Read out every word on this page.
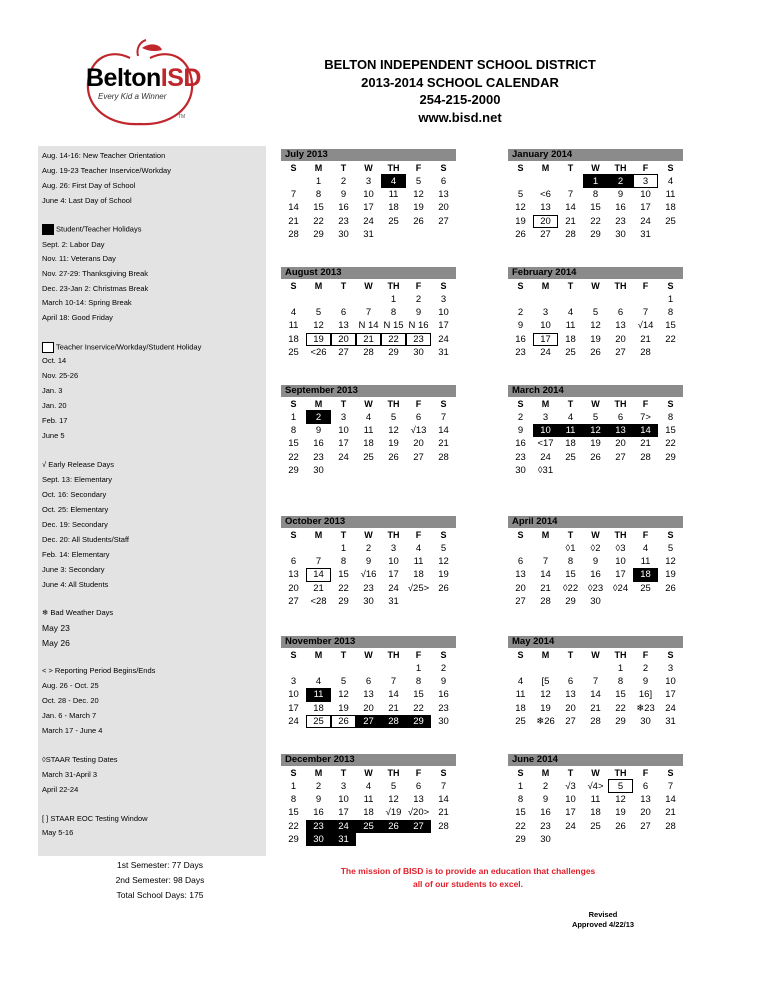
BeltonISD
Every Kid a Winner
TM
BELTON INDEPENDENT SCHOOL DISTRICT
2013-2014 SCHOOL CALENDAR
254-215-2000
www.bisd.net
Aug. 14-16: New Teacher Orientation
Aug. 19-23 Teacher Inservice/Workday
Aug. 26: First Day of School
June 4: Last Day of School
Student/Teacher Holidays
Sept. 2: Labor Day
Nov. 11: Veterans Day
Nov. 27-29: Thanksgiving Break
Dec. 23-Jan 2: Christmas Break
March 10-14: Spring Break
April 18: Good Friday
Teacher Inservice/Workday/Student Holiday
Oct. 14
Nov. 25-26
Jan. 3
Jan. 20
Feb. 17
June 5
√ Early Release Days
Sept. 13: Elementary
Oct. 16: Secondary
Oct. 25: Elementary
Dec. 19: Secondary
Dec. 20: All Students/Staff
Feb. 14: Elementary
June 3: Secondary
June 4: All Students
❄ Bad Weather Days
May 23
May 26
< > Reporting Period Begins/Ends
Aug. 26 - Oct. 25
Oct. 28 - Dec. 20
Jan. 6 - March 7
March 17 - June 4
◊STAAR Testing Dates
March 31-April 3
April 22-24
[ ] STAAR EOC Testing Window
May 5-16
1st Semester: 77 Days
2nd Semester: 98 Days
Total School Days: 175
The mission of BISD is to provide an education that challenges
all of our students to excel.
Revised
Approved 4/22/13
July 2013
S	M	T	W	TH	F	S
	1	2	3	4	5	6
7	8	9	10	11	12	13
14	15	16	17	18	19	20
21	22	23	24	25	26	27
28	29	30	31			
January 2014
S	M	T	W	TH	F	S
			1	2	3	4
5	<6	7	8	9	10	11
12	13	14	15	16	17	18
19	20	21	22	23	24	25
26	27	28	29	30	31	
August 2013
S	M	T	W	TH	F	S
				1	2	3
4	5	6	7	8	9	10
11	12	13	N 14	N 15	N 16	17
18	19	20	21	22	23	24
25	<26	27	28	29	30	31
February 2014
S	M	T	W	TH	F	S
						1
2	3	4	5	6	7	8
9	10	11	12	13	√14	15
16	17	18	19	20	21	22
23	24	25	26	27	28	
September 2013
S	M	T	W	TH	F	S
1	2	3	4	5	6	7
8	9	10	11	12	√13	14
15	16	17	18	19	20	21
22	23	24	25	26	27	28
29	30					
March 2014
S	M	T	W	TH	F	S
2	3	4	5	6	7>	8
9	10	11	12	13	14	15
16	<17	18	19	20	21	22
23	24	25	26	27	28	29
30	◊31					
October 2013
S	M	T	W	TH	F	S
		1	2	3	4	5
6	7	8	9	10	11	12
13	14	15	√16	17	18	19
20	21	22	23	24	√25>	26
27	<28	29	30	31		
April 2014
S	M	T	W	TH	F	S
		◊1	◊2	◊3	4	5
6	7	8	9	10	11	12
13	14	15	16	17	18	19
20	21	◊22	◊23	◊24	25	26
27	28	29	30			
November 2013
S	M	T	W	TH	F	S
					1	2
3	4	5	6	7	8	9
10	11	12	13	14	15	16
17	18	19	20	21	22	23
24	25	26	27	28	29	30
May 2014
S	M	T	W	TH	F	S
				1	2	3
4	[5	6	7	8	9	10
11	12	13	14	15	16]	17
18	19	20	21	22	❄23	24
25	❄26	27	28	29	30	31
December 2013
S	M	T	W	TH	F	S
1	2	3	4	5	6	7
8	9	10	11	12	13	14
15	16	17	18	√19	√20>	21
22	23	24	25	26	27	28
29	30	31				
June 2014
S	M	T	W	TH	F	S
1	2	√3	√4>	5	6	7
8	9	10	11	12	13	14
15	16	17	18	19	20	21
22	23	24	25	26	27	28
29	30					
